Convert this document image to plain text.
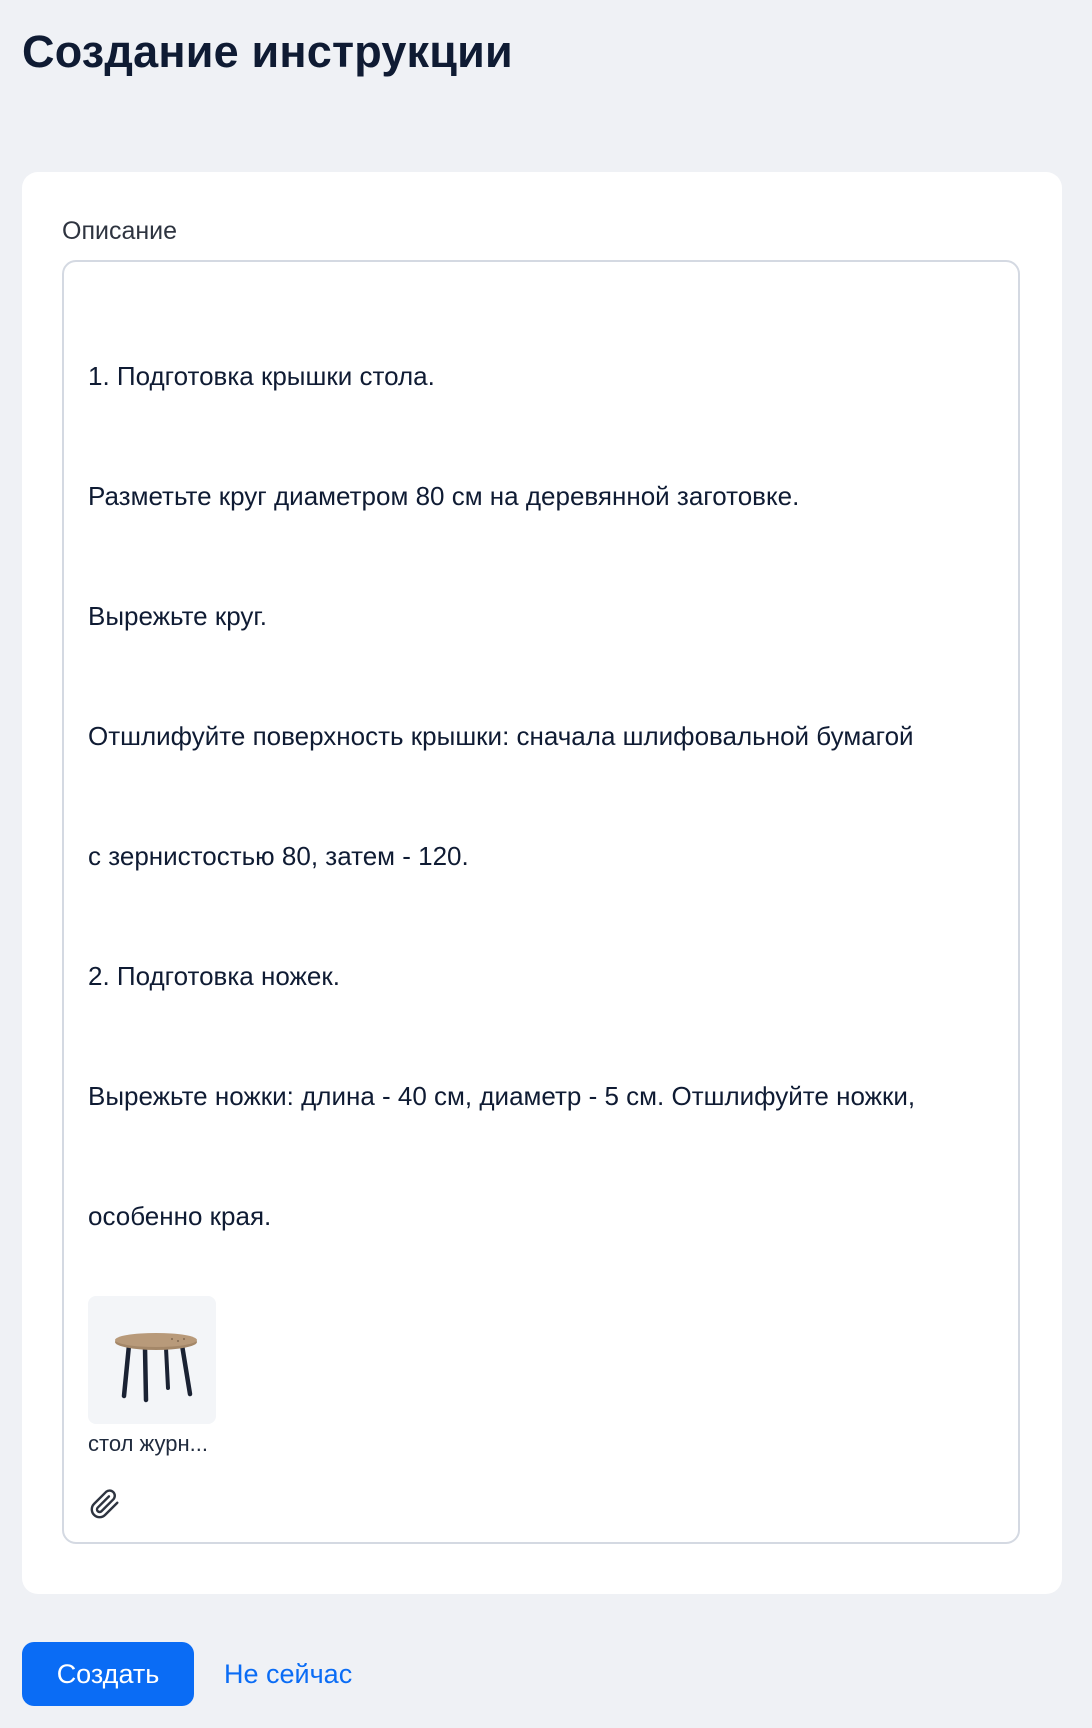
Создание инструкции
Описание

1. Подготовка крышки стола.

Разметьте круг диаметром 80 см на деревянной заготовке.

Вырежьте круг.

Отшлифуйте поверхность крышки: сначала шлифовальной бумагой

с зернистостью 80, затем - 120.

2. Подготовка ножек.

Вырежьте ножки: длина - 40 см, диаметр - 5 см. Отшлифуйте ножки,

особенно края.

стол журн...
Создать	Не сейчас
